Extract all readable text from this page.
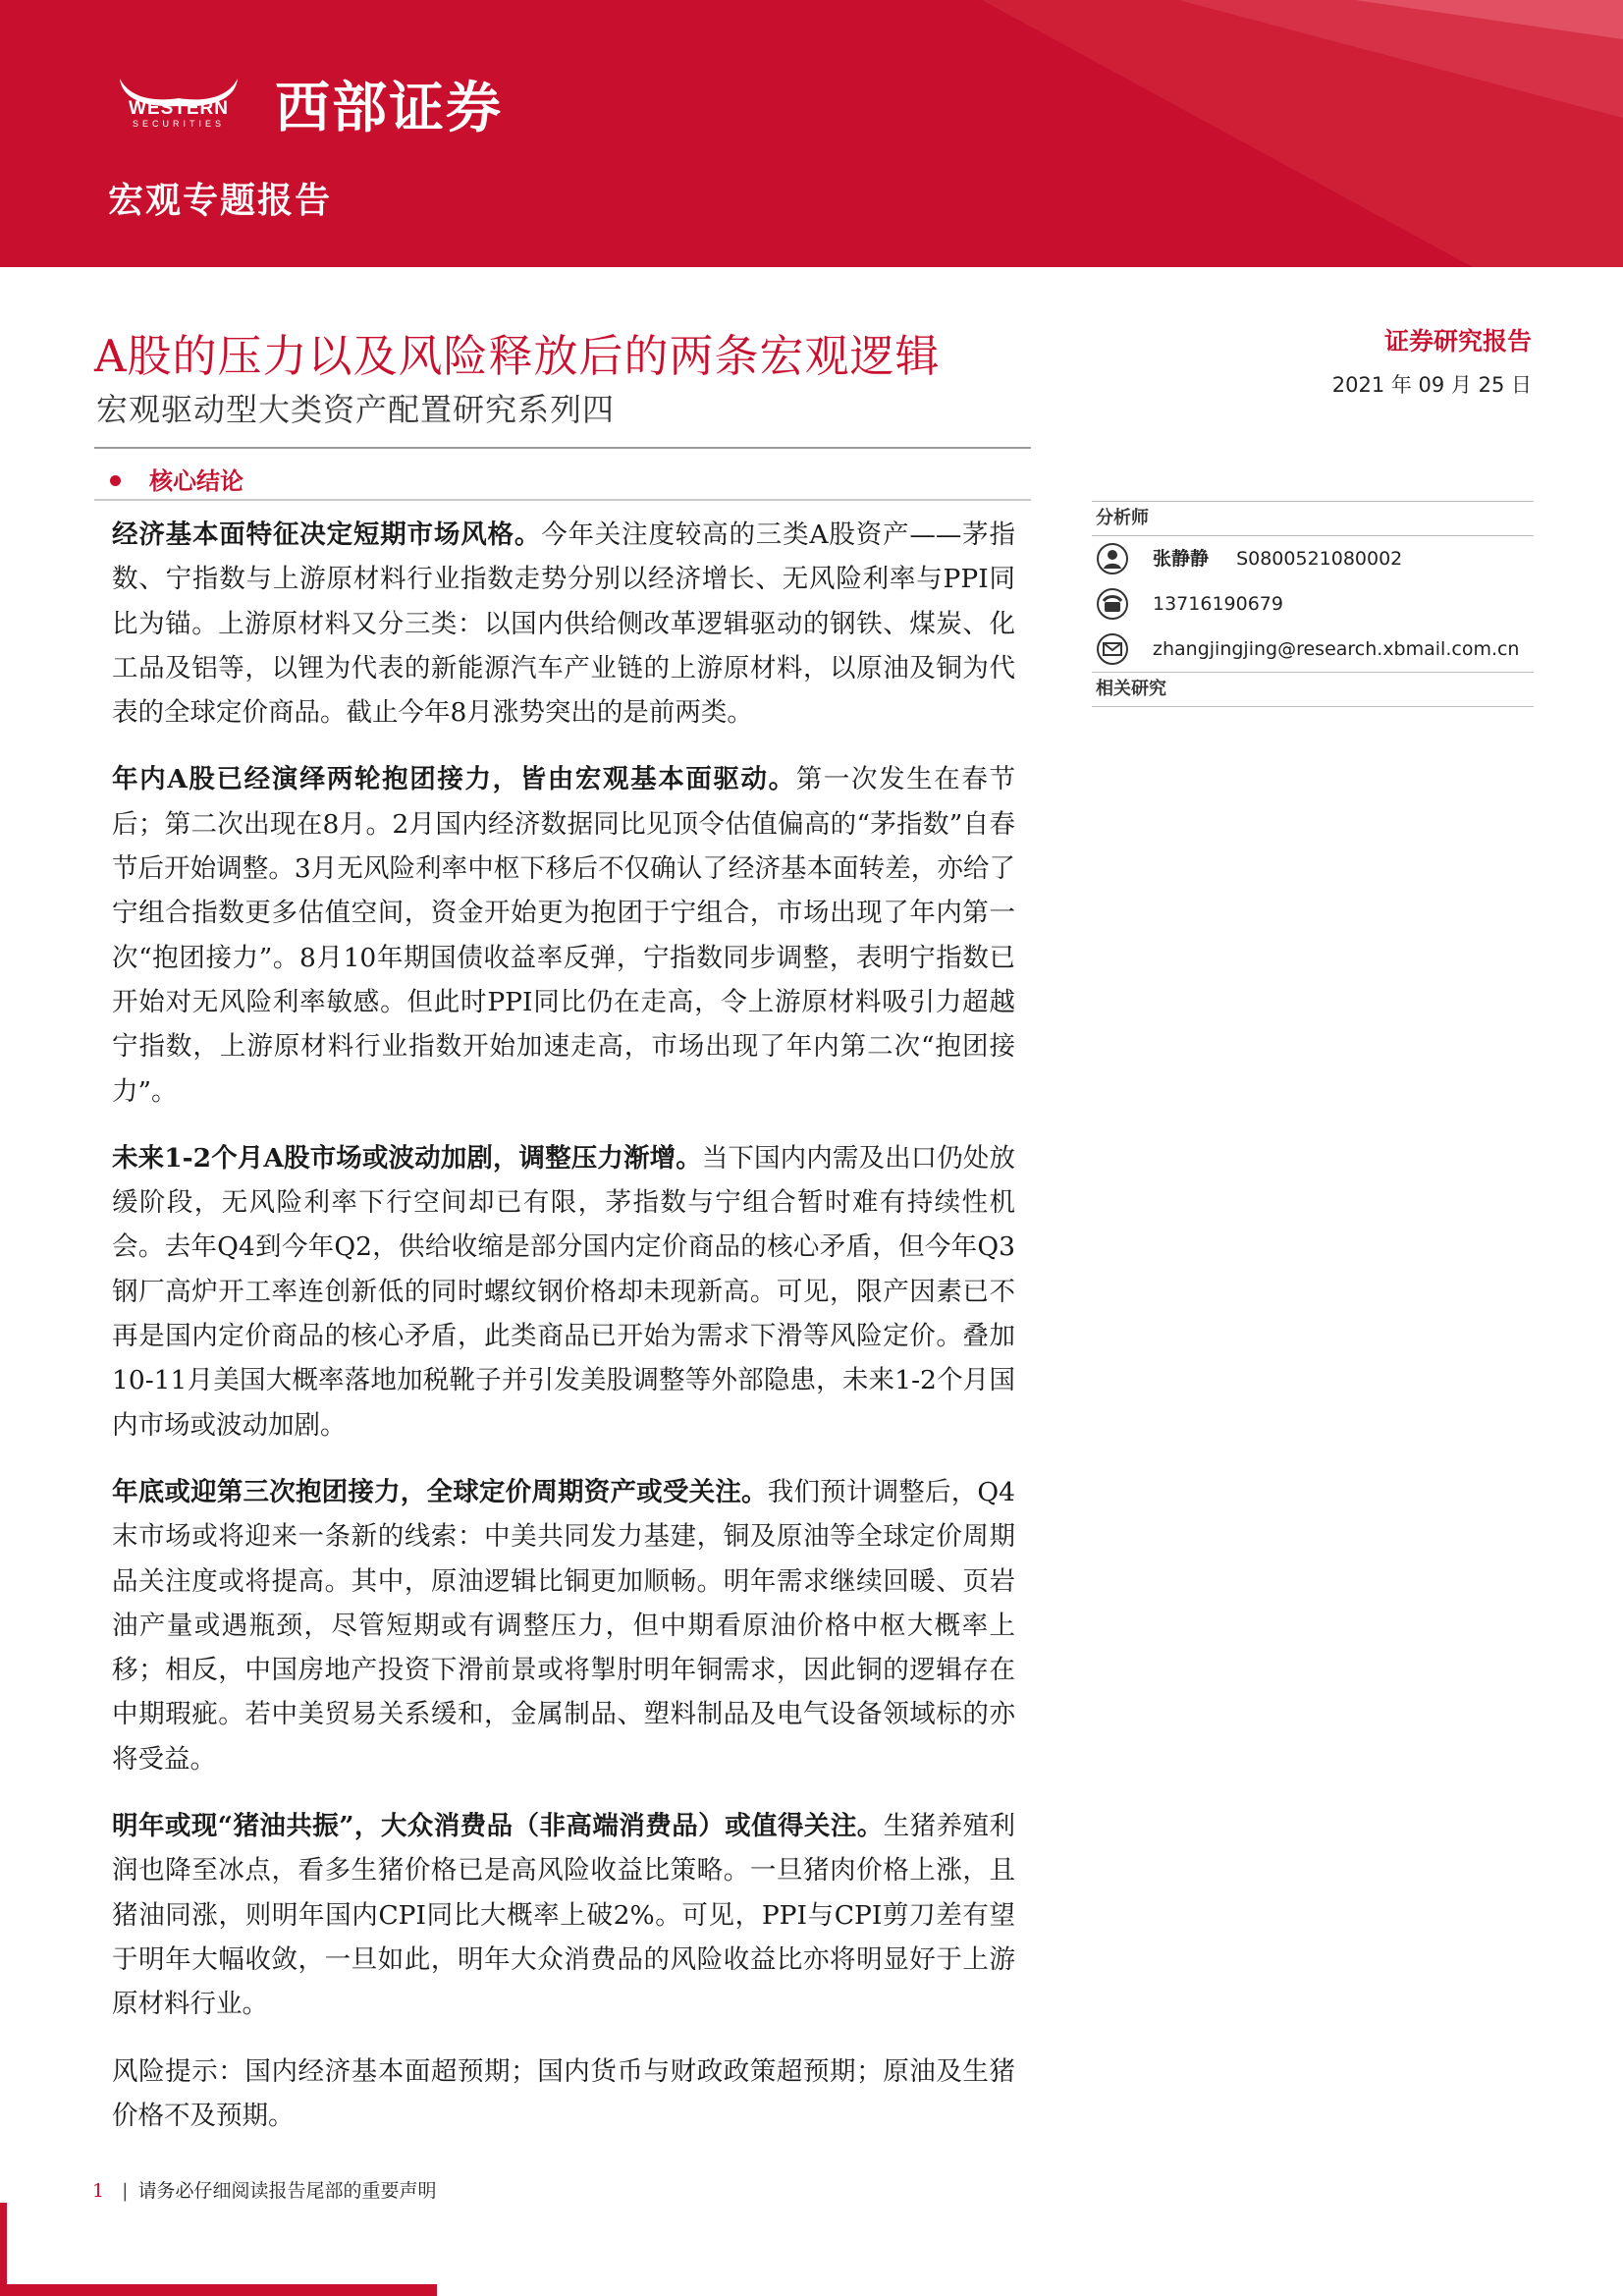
WESTERN
SECURITIES 西部证券
宏观专题报告
A股的压力以及风险释放后的两条宏观逻辑
宏观驱动型大类资产配置研究系列四
证券研究报告
2021 年 09 月 25 日
核心结论

经济基本面特征决定短期市场风格。今年关注度较高的三类A股资产——茅指数、宁指数与上游原材料行业指数走势分别以经济增长、无风险利率与PPI同比为锚。上游原材料又分三类：以国内供给侧改革逻辑驱动的钢铁、煤炭、化工品及铝等，以锂为代表的新能源汽车产业链的上游原材料，以原油及铜为代表的全球定价商品。截止今年8月涨势突出的是前两类。

年内A股已经演绎两轮抱团接力，皆由宏观基本面驱动。第一次发生在春节后；第二次出现在8月。2月国内经济数据同比见顶令估值偏高的“茅指数”自春节后开始调整。3月无风险利率中枢下移后不仅确认了经济基本面转差，亦给了宁组合指数更多估值空间，资金开始更为抱团于宁组合，市场出现了年内第一次“抱团接力”。8月10年期国债收益率反弹，宁指数同步调整，表明宁指数已开始对无风险利率敏感。但此时PPI同比仍在走高，令上游原材料吸引力超越宁指数，上游原材料行业指数开始加速走高，市场出现了年内第二次“抱团接力”。

未来1-2个月A股市场或波动加剧，调整压力渐增。当下国内内需及出口仍处放缓阶段，无风险利率下行空间却已有限，茅指数与宁组合暂时难有持续性机会。去年Q4到今年Q2，供给收缩是部分国内定价商品的核心矛盾，但今年Q3钢厂高炉开工率连创新低的同时螺纹钢价格却未现新高。可见，限产因素已不再是国内定价商品的核心矛盾，此类商品已开始为需求下滑等风险定价。叠加10-11月美国大概率落地加税靴子并引发美股调整等外部隐患，未来1-2个月国内市场或波动加剧。

年底或迎第三次抱团接力，全球定价周期资产或受关注。我们预计调整后，Q4末市场或将迎来一条新的线索：中美共同发力基建，铜及原油等全球定价周期品关注度或将提高。其中，原油逻辑比铜更加顺畅。明年需求继续回暖、页岩油产量或遇瓶颈，尽管短期或有调整压力，但中期看原油价格中枢大概率上移；相反，中国房地产投资下滑前景或将掣肘明年铜需求，因此铜的逻辑存在中期瑕疵。若中美贸易关系缓和，金属制品、塑料制品及电气设备领域标的亦将受益。

明年或现“猪油共振”，大众消费品（非高端消费品）或值得关注。生猪养殖利润也降至冰点，看多生猪价格已是高风险收益比策略。一旦猪肉价格上涨，且猪油同涨，则明年国内CPI同比大概率上破2%。可见，PPI与CPI剪刀差有望于明年大幅收敛，一旦如此，明年大众消费品的风险收益比亦将明显好于上游原材料行业。

风险提示：国内经济基本面超预期；国内货币与财政政策超预期；原油及生猪价格不及预期。

分析师
张静静 S0800521080002
13716190679
zhangjingjing@research.xbmail.com.cn
相关研究
1 | 请务必仔细阅读报告尾部的重要声明
